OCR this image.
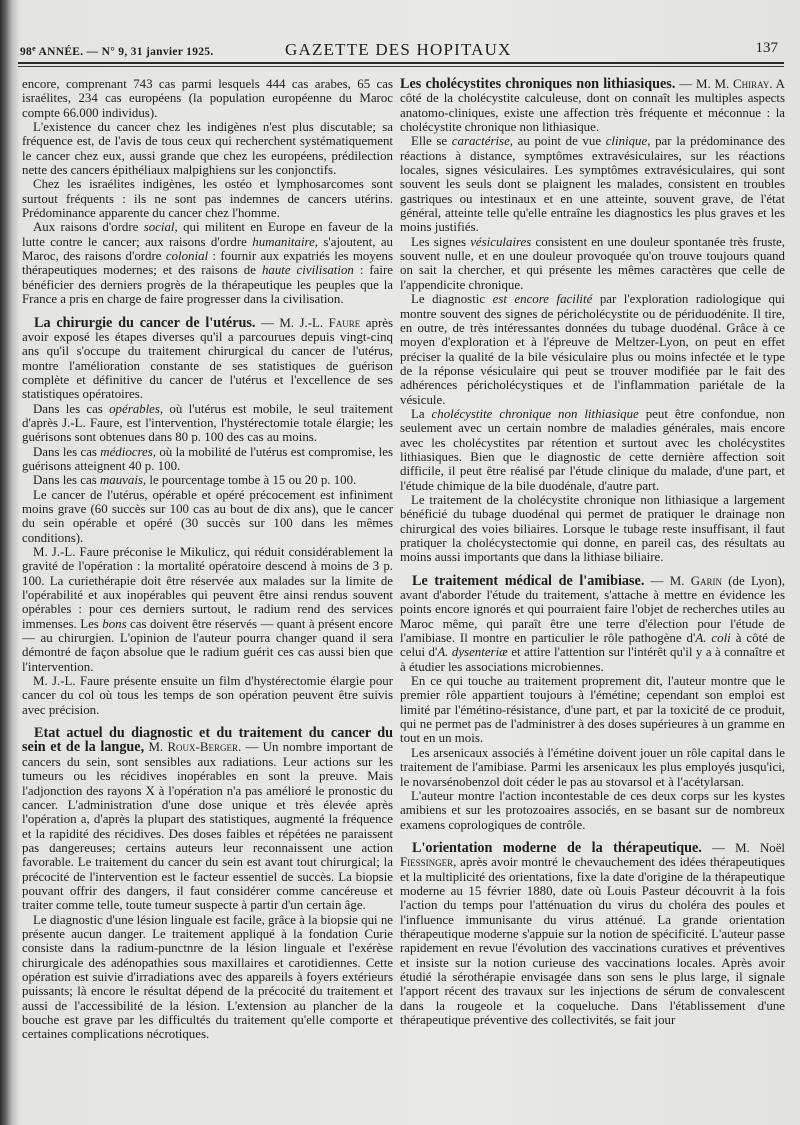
98e ANNÉE. — N° 9, 31 janvier 1925.	GAZETTE DES HOPITAUX	137

encore, comprenant 743 cas parmi lesquels 444 cas arabes, 65 cas israélites, 234 cas européens (la population européenne du Maroc compte 66.000 individus).

L'existence du cancer chez les indigènes n'est plus discutable; sa fréquence est, de l'avis de tous ceux qui recherchent systématiquement le cancer chez eux, aussi grande que chez les européens, prédilection nette des cancers épithéliaux malpighiens sur les conjonctifs.

Chez les israélites indigènes, les ostéo et lymphosarcomes sont surtout fréquents : ils ne sont pas indemnes de cancers utérins. Prédominance apparente du cancer chez l'homme.

Aux raisons d'ordre social, qui militent en Europe en faveur de la lutte contre le cancer; aux raisons d'ordre humanitaire, s'ajoutent, au Maroc, des raisons d'ordre colonial : fournir aux expatriés les moyens thérapeutiques modernes; et des raisons de haute civilisation : faire bénéficier des derniers progrès de la thérapeutique les peuples que la France a pris en charge de faire progresser dans la civilisation.

La chirurgie du cancer de l'utérus. — M. J.-L. Faure après avoir exposé les étapes diverses qu'il a parcourues depuis vingt-cinq ans qu'il s'occupe du traitement chirurgical du cancer de l'utérus, montre l'amélioration constante de ses statistiques de guérison complète et définitive du cancer de l'utérus et l'excellence de ses statistiques opératoires.

Dans les cas opérables, où l'utérus est mobile, le seul traitement d'après J.-L. Faure, est l'intervention, l'hystérectomie totale élargie; les guérisons sont obtenues dans 80 p. 100 des cas au moins.

Dans les cas médiocres, où la mobilité de l'utérus est compromise, les guérisons atteignent 40 p. 100.

Dans les cas mauvais, le pourcentage tombe à 15 ou 20 p. 100.

Le cancer de l'utérus, opérable et opéré précocement est infiniment moins grave (60 succès sur 100 cas au bout de dix ans), que le cancer du sein opérable et opéré (30 succès sur 100 dans les mêmes conditions).

M. J.-L. Faure préconise le Mikulicz, qui réduit considérablement la gravité de l'opération : la mortalité opératoire descend à moins de 3 p. 100. La curiethérapie doit être réservée aux malades sur la limite de l'opérabilité et aux inopérables qui peuvent être ainsi rendus souvent opérables : pour ces derniers surtout, le radium rend des services immenses. Les bons cas doivent être réservés — quant à présent encore — au chirurgien. L'opinion de l'auteur pourra changer quand il sera démontré de façon absolue que le radium guérit ces cas aussi bien que l'intervention.

M. J.-L. Faure présente ensuite un film d'hystérectomie élargie pour cancer du col où tous les temps de son opération peuvent être suivis avec précision.

Etat actuel du diagnostic et du traitement du cancer du sein et de la langue, M. Roux-Berger. — Un nombre important de cancers du sein, sont sensibles aux radiations. Leur actions sur les tumeurs ou les récidives inopérables en sont la preuve. Mais l'adjonction des rayons X à l'opération n'a pas amélioré le pronostic du cancer. L'administration d'une dose unique et très élevée après l'opération a, d'après la plupart des statistiques, augmenté la fréquence et la rapidité des récidives. Des doses faibles et répétées ne paraissent pas dangereuses; certains auteurs leur reconnaissent une action favorable. Le traitement du cancer du sein est avant tout chirurgical; la précocité de l'intervention est le facteur essentiel de succès. La biopsie pouvant offrir des dangers, il faut considérer comme cancéreuse et traiter comme telle, toute tumeur suspecte à partir d'un certain âge.

Le diagnostic d'une lésion linguale est facile, grâce à la biopsie qui ne présente aucun danger. Le traitement appliqué à la fondation Curie consiste dans la radium-punctnre de la lésion linguale et l'exérèse chirurgicale des adénopathies sous maxillaires et carotidiennes. Cette opération est suivie d'irradiations avec des appareils à foyers extérieurs puissants; là encore le résultat dépend de la précocité du traitement et aussi de l'accessibilité de la lésion. L'extension au plancher de la bouche est grave par les difficultés du traitement qu'elle comporte et certaines complications nécrotiques.

Les cholécystites chroniques non lithiasiques. — M. M. Chiray. A côté de la cholécystite calculeuse, dont on connaît les multiples aspects anatomo-cliniques, existe une affection très fréquente et méconnue : la cholécystite chronique non lithiasique.

Elle se caractérise, au point de vue clinique, par la prédominance des réactions à distance, symptômes extravésiculaires, sur les réactions locales, signes vésiculaires. Les symptômes extravésiculaires, qui sont souvent les seuls dont se plaignent les malades, consistent en troubles gastriques ou intestinaux et en une atteinte, souvent grave, de l'état général, atteinte telle qu'elle entraîne les diagnostics les plus graves et les moins justifiés.

Les signes vésiculaires consistent en une douleur spontanée très fruste, souvent nulle, et en une douleur provoquée qu'on trouve toujours quand on sait la chercher, et qui présente les mêmes caractères que celle de l'appendicite chronique.

Le diagnostic est encore facilité par l'exploration radiologique qui montre souvent des signes de péricholécystite ou de périduodénite. Il tire, en outre, de très intéressantes données du tubage duodénal. Grâce à ce moyen d'exploration et à l'épreuve de Meltzer-Lyon, on peut en effet préciser la qualité de la bile vésiculaire plus ou moins infectée et le type de la réponse vésiculaire qui peut se trouver modifiée par le fait des adhérences péricholécystiques et de l'inflammation pariétale de la vésicule.

La cholécystite chronique non lithiasique peut être confondue, non seulement avec un certain nombre de maladies générales, mais encore avec les cholécystites par rétention et surtout avec les cholécystites lithiasiques. Bien que le diagnostic de cette dernière affection soit difficile, il peut être réalisé par l'étude clinique du malade, d'une part, et l'étude chimique de la bile duodénale, d'autre part.

Le traitement de la cholécystite chronique non lithiasique a largement bénéficié du tubage duodénal qui permet de pratiquer le drainage non chirurgical des voies biliaires. Lorsque le tubage reste insuffisant, il faut pratiquer la cholécystectomie qui donne, en pareil cas, des résultats au moins aussi importants que dans la lithiase biliaire.

Le traitement médical de l'amibiase. — M. Garin (de Lyon), avant d'aborder l'étude du traitement, s'attache à mettre en évidence les points encore ignorés et qui pourraient faire l'objet de recherches utiles au Maroc même, qui paraît être une terre d'élection pour l'étude de l'amibiase. Il montre en particulier le rôle pathogène d'A. coli à côté de celui d'A. dysenteriæ et attire l'attention sur l'intérêt qu'il y a à connaître et à étudier les associations microbiennes.

En ce qui touche au traitement proprement dit, l'auteur montre que le premier rôle appartient toujours à l'émétine; cependant son emploi est limité par l'émétino-résistance, d'une part, et par la toxicité de ce produit, qui ne permet pas de l'administrer à des doses supérieures à un gramme en tout en un mois.

Les arsenicaux associés à l'émétine doivent jouer un rôle capital dans le traitement de l'amibiase. Parmi les arsenicaux les plus employés jusqu'ici, le novarsénobenzol doit céder le pas au stovarsol et à l'acétylarsan.

L'auteur montre l'action incontestable de ces deux corps sur les kystes amibiens et sur les protozoaires associés, en se basant sur de nombreux examens coprologiques de contrôle.

L'orientation moderne de la thérapeutique. — M. Noël Fiessinger, après avoir montré le chevauchement des idées thérapeutiques et la multiplicité des orientations, fixe la date d'origine de la thérapeutique moderne au 15 février 1880, date où Louis Pasteur découvrit à la fois l'action du temps pour l'atténuation du virus du choléra des poules et l'influence immunisante du virus atténué. La grande orientation thérapeutique moderne s'appuie sur la notion de spécificité. L'auteur passe rapidement en revue l'évolution des vaccinations curatives et préventives et insiste sur la notion curieuse des vaccinations locales. Après avoir étudié la sérothérapie envisagée dans son sens le plus large, il signale l'apport récent des travaux sur les injections de sérum de convalescent dans la rougeole et la coqueluche. Dans l'établissement d'une thérapeutique préventive des collectivités, se fait jour
